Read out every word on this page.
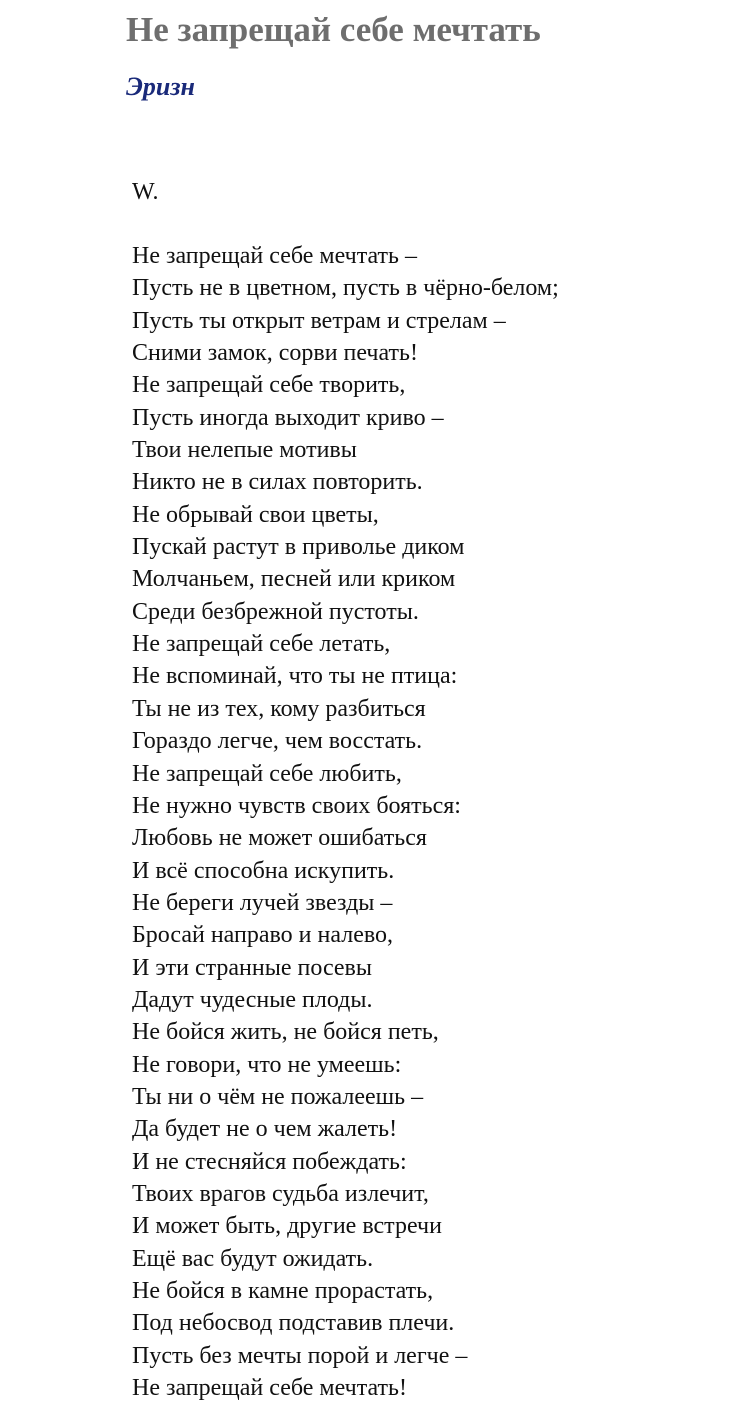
Не запрещай себе мечтать
Эризн
W.
Не запрещай себе мечтать –
Пусть не в цветном, пусть в чёрно-белом;
Пусть ты открыт ветрам и стрелам –
Сними замок, сорви печать!
Не запрещай себе творить,
Пусть иногда выходит криво –
Твои нелепые мотивы
Никто не в силах повторить.
Не обрывай свои цветы,
Пускай растут в приволье диком
Молчаньем, песней или криком
Среди безбрежной пустоты.
Не запрещай себе летать,
Не вспоминай, что ты не птица:
Ты не из тех, кому разбиться
Гораздо легче, чем восстать.
Не запрещай себе любить,
Не нужно чувств своих бояться:
Любовь не может ошибаться
И всё способна искупить.
Не береги лучей звезды –
Бросай направо и налево,
И эти странные посевы
Дадут чудесные плоды.
Не бойся жить, не бойся петь,
Не говори, что не умеешь:
Ты ни о чём не пожалеешь –
Да будет не о чем жалеть!
И не стесняйся побеждать:
Твоих врагов судьба излечит,
И может быть, другие встречи
Ещё вас будут ожидать.
Не бойся в камне прорастать,
Под небосвод подставив плечи.
Пусть без мечты порой и легче –
Не запрещай себе мечтать!
